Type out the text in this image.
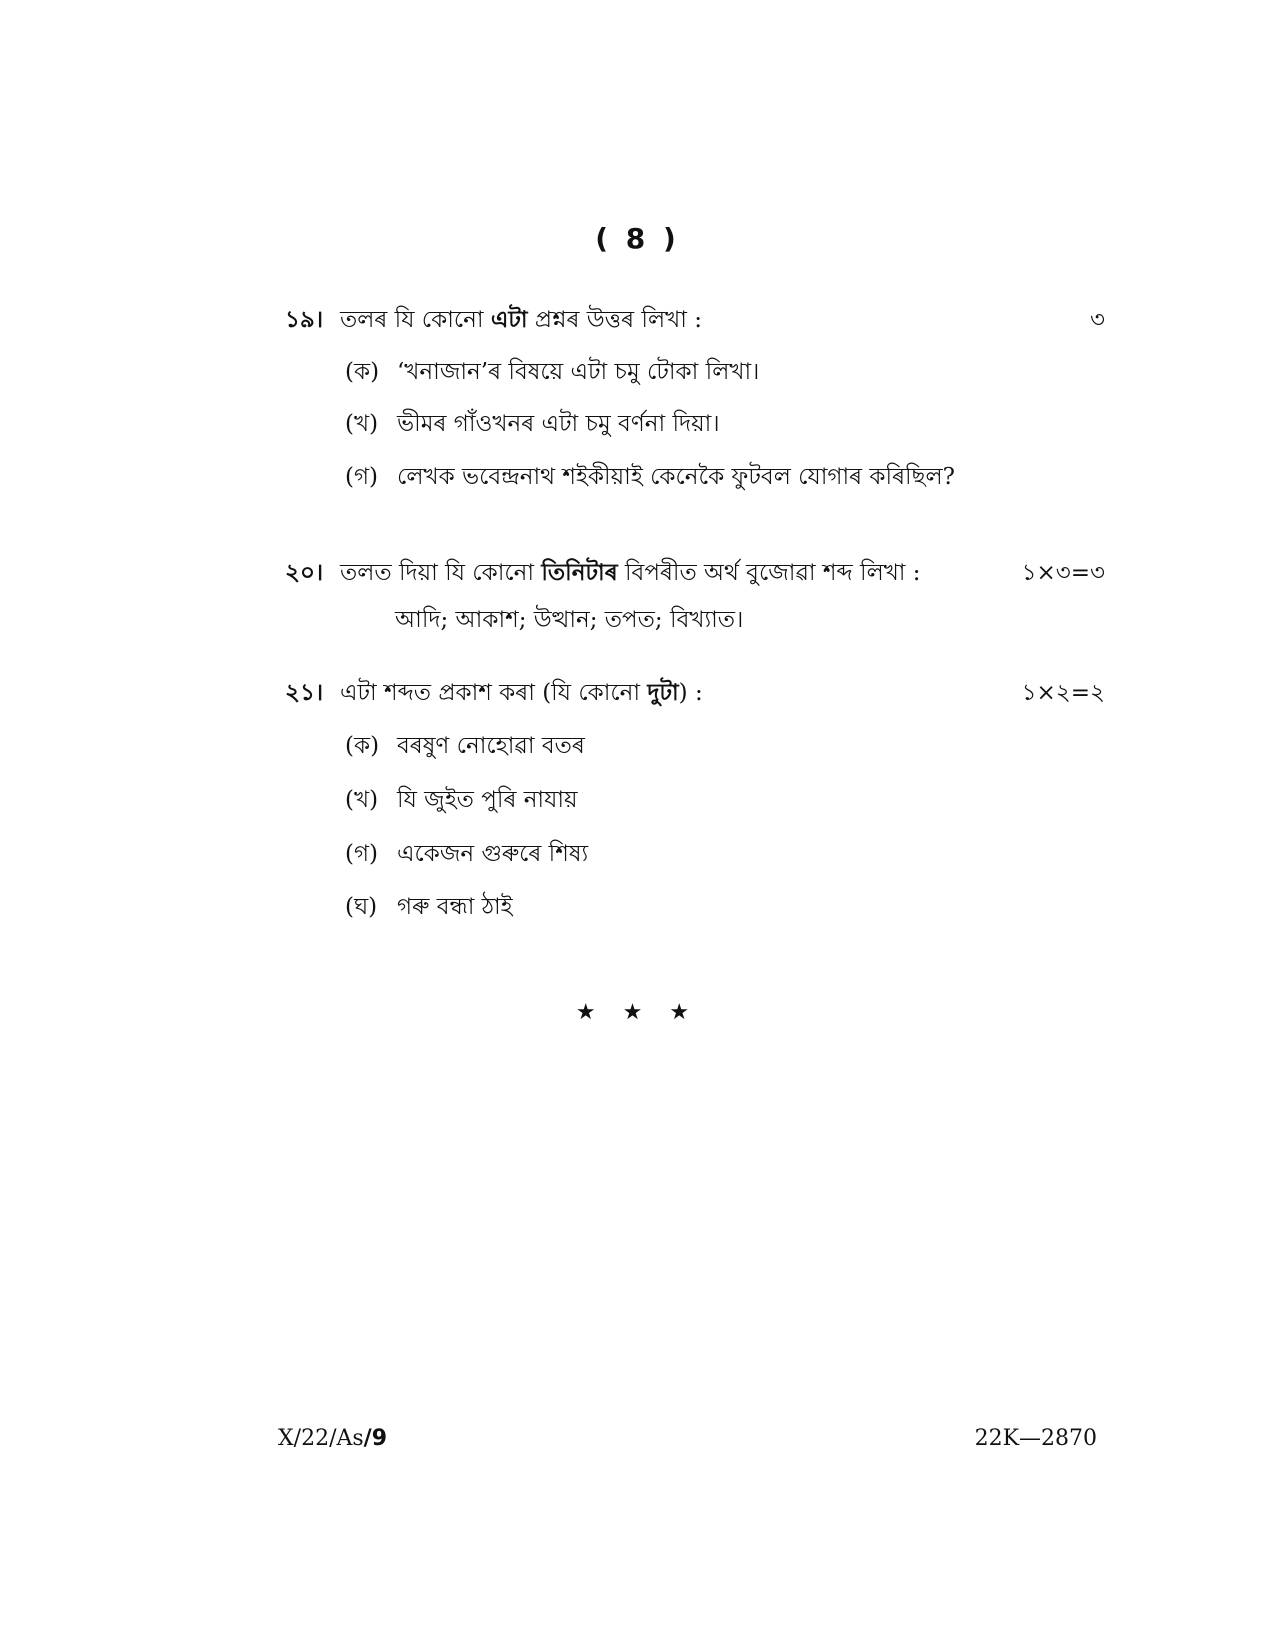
( 8 )
১৯। তলৰ যি কোনো এটা প্ৰশ্নৰ উত্তৰ লিখা :	৩
(ক) ‘খনাজান’ৰ বিষয়ে এটা চমু টোকা লিখা।
(খ) ভীমৰ গাঁওখনৰ এটা চমু বৰ্ণনা দিয়া।
(গ) লেখক ভবেন্দ্ৰনাথ শইকীয়াই কেনেকৈ ফুটবল যোগাৰ কৰিছিল?
২০। তলত দিয়া যি কোনো তিনিটাৰ বিপৰীত অৰ্থ বুজোৱা শব্দ লিখা :	১×৩=৩
আদি; আকাশ; উত্থান; তপত; বিখ্যাত।
২১। এটা শব্দত প্ৰকাশ কৰা (যি কোনো দুটা) :	১×২=২
(ক) বৰষুণ নোহোৱা বতৰ
(খ) যি জুইত পুৰি নাযায়
(গ) একেজন গুৰুৰে শিষ্য
(ঘ) গৰু বন্ধা ঠাই
★ ★ ★
X/22/As/9	22K—2870
